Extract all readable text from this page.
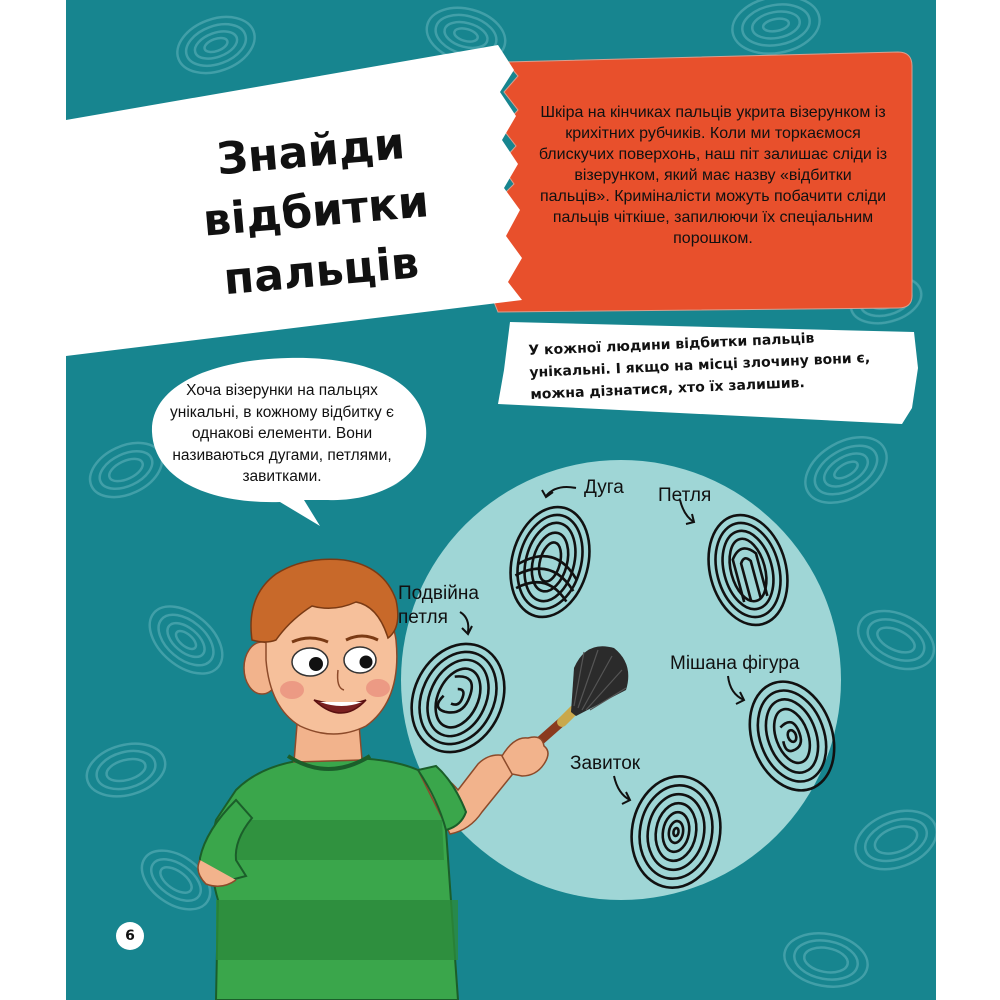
Знайди
відбитки
пальців
Шкіра на кінчиках пальців укрита візерунком із крихітних рубчиків. Коли ми торкаємося блискучих поверхонь, наш піт залишає сліди із візерунком, який має назву «відбитки пальців». Криміналісти можуть побачити сліди пальців чіткіше, запилюючи їх спеціальним порошком.
У кожної людини відбитки пальців унікальні. І якщо на місці злочину вони є, можна дізнатися, хто їх залишив.
Хоча візерунки на пальцях унікальні, в кожному відбитку є однакові елементи. Вони називаються дугами, петлями, завитками.
Дуга Петля
Подвійна
петля
Мішана фігура
Завиток
6
